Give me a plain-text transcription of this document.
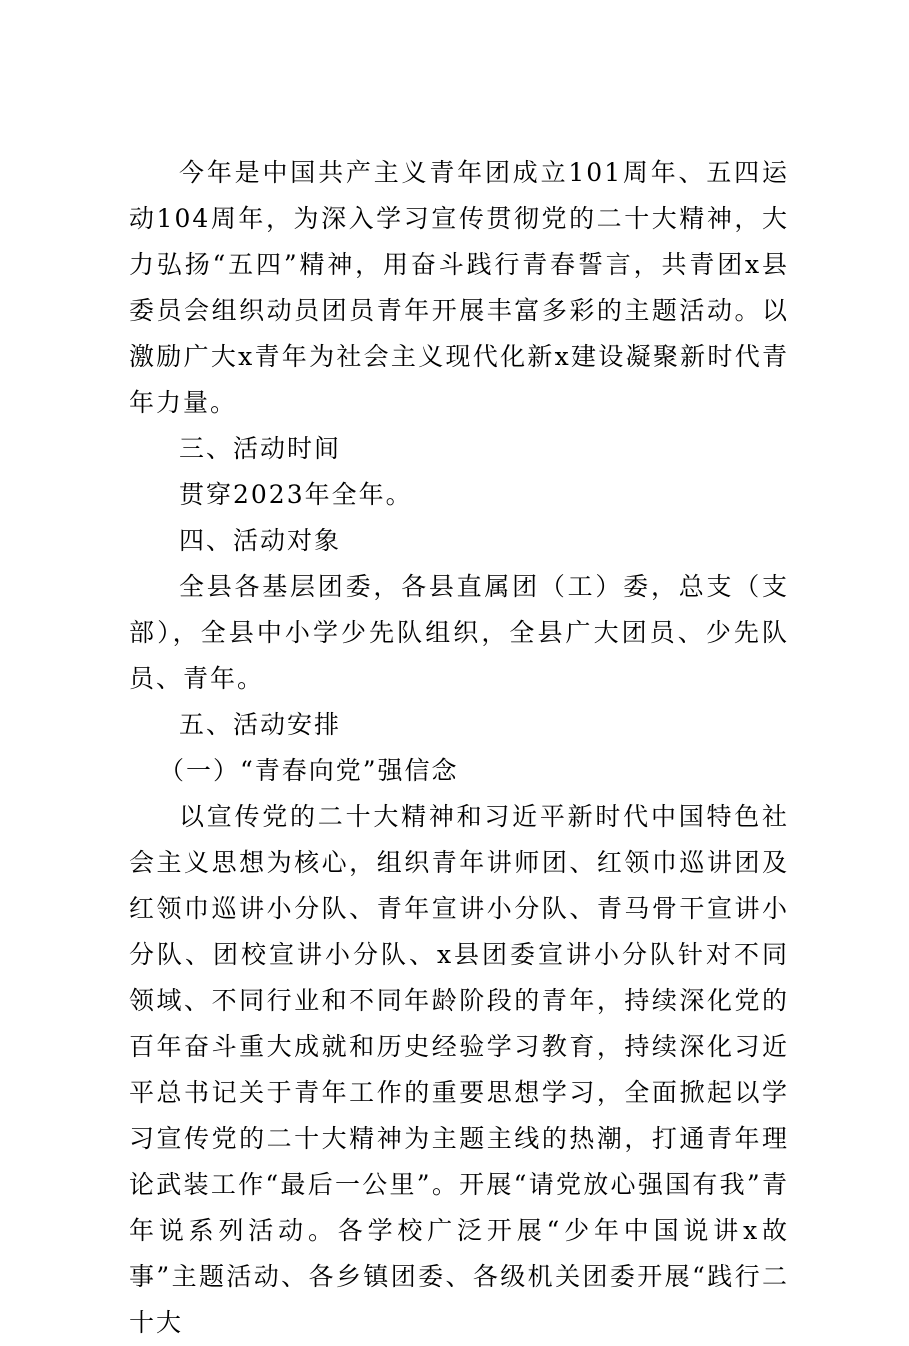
今年是中国共产主义青年团成立101周年、五四运动104周年，为深入学习宣传贯彻党的二十大精神，大力弘扬“五四”精神，用奋斗践行青春誓言，共青团x县委员会组织动员团员青年开展丰富多彩的主题活动。以激励广大x青年为社会主义现代化新x建设凝聚新时代青年力量。

三、活动时间

贯穿2023年全年。

四、活动对象

全县各基层团委，各县直属团（工）委，总支（支部），全县中小学少先队组织，全县广大团员、少先队员、青年。

五、活动安排

（一）“青春向党”强信念

以宣传党的二十大精神和习近平新时代中国特色社会主义思想为核心，组织青年讲师团、红领巾巡讲团及红领巾巡讲小分队、青年宣讲小分队、青马骨干宣讲小分队、团校宣讲小分队、x县团委宣讲小分队针对不同领域、不同行业和不同年龄阶段的青年，持续深化党的百年奋斗重大成就和历史经验学习教育，持续深化习近平总书记关于青年工作的重要思想学习，全面掀起以学习宣传党的二十大精神为主题主线的热潮，打通青年理论武装工作“最后一公里”。开展“请党放心强国有我”青年说系列活动。各学校广泛开展“少年中国说讲x故事”主题活动、各乡镇团委、各级机关团委开展“践行二十大
